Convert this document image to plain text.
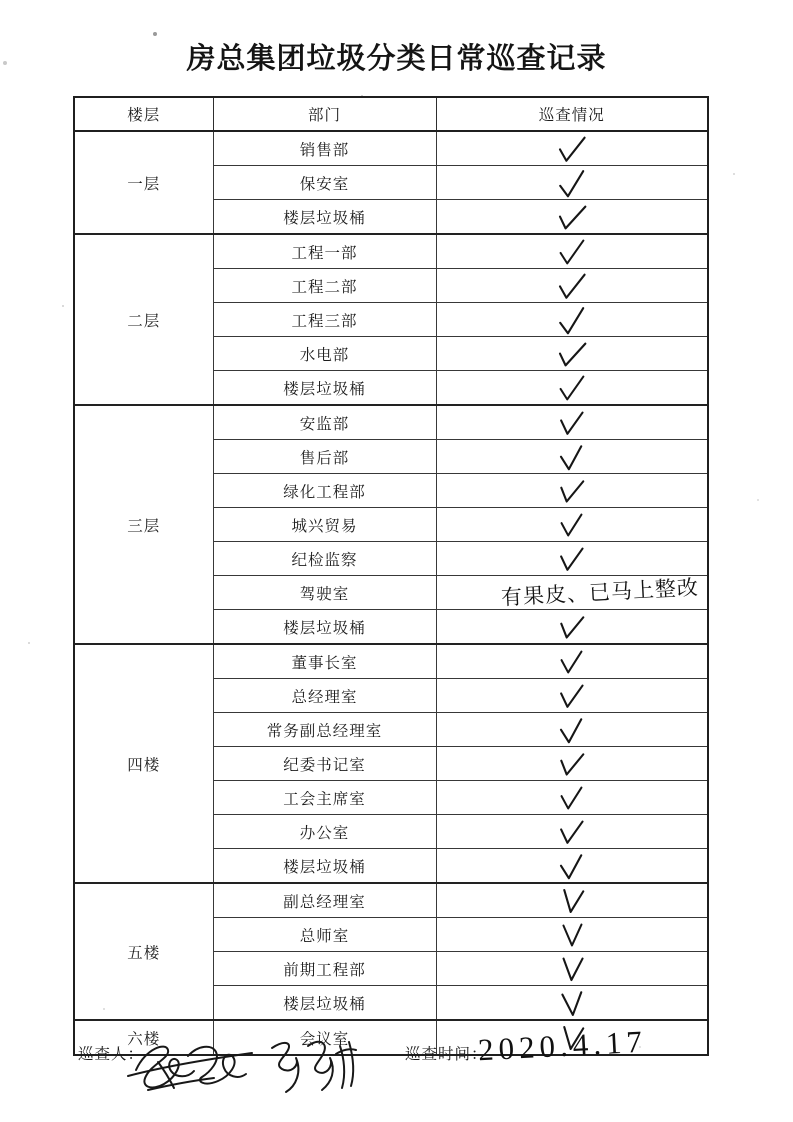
房总集团垃圾分类日常巡查记录
楼层	部门	巡查情况
一层	销售部	
	保安室	
	楼层垃圾桶	
二层	工程一部	
	工程二部	
	工程三部	
	水电部	
	楼层垃圾桶	
三层	安监部	
	售后部	
	绿化工程部	
	城兴贸易	
	纪检监察	
	驾驶室	有果皮、已马上整改
	楼层垃圾桶	
四楼	董事长室	
	总经理室	
	常务副总经理室	
	纪委书记室	
	工会主席室	
	办公室	
	楼层垃圾桶	
五楼	副总经理室	
	总师室	
	前期工程部	
	楼层垃圾桶	
六楼	会议室	
巡查人：	巡查时间：
2020.4.17
